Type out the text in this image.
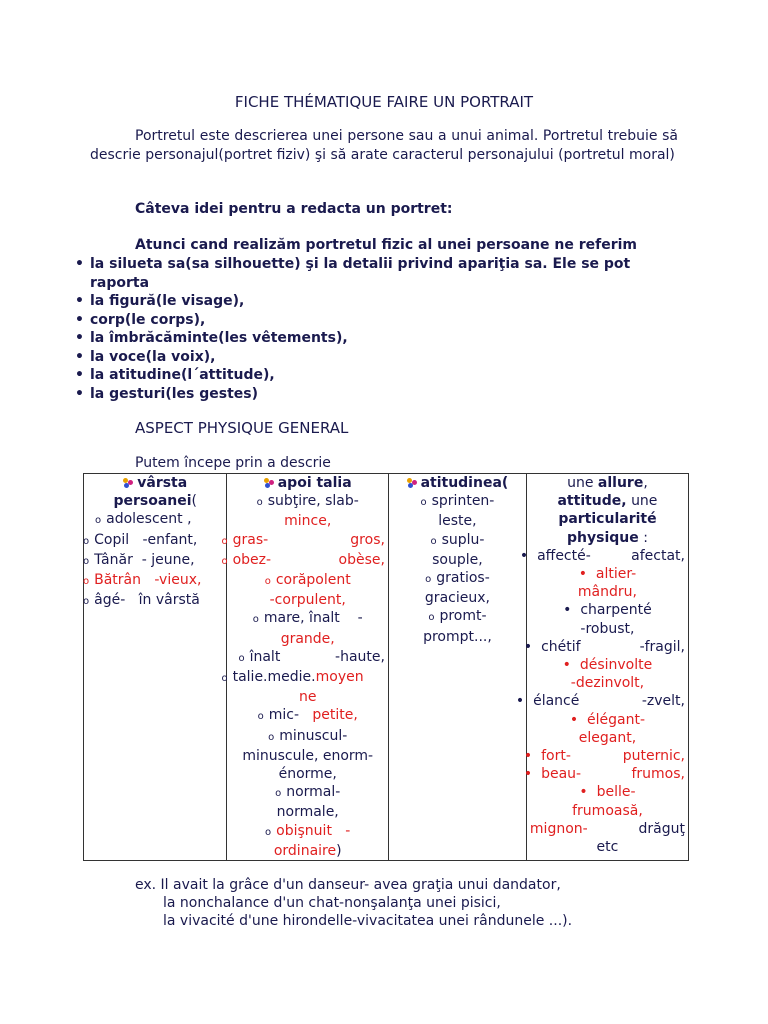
FICHE THÉMATIQUE FAIRE UN PORTRAIT
Portretul este descrierea unei persone sau a unui animal. Portretul trebuie să descrie personajul(portret fiziv) şi să arate caracterul personajului (portretul moral)
Câteva idei pentru a redacta un portret:
Atunci cand realizăm portretul fizic al unei persoane ne referim
• la silueta sa(sa silhouette) şi la detalii privind apariţia sa. Ele se pot raporta
• la figură(le visage),
• corp(le corps),
• la îmbrăcăminte(les vêtements),
• la voce(la voix),
• la atitudine(l´attitude),
• la gesturi(les gestes)
ASPECT PHYSIQUE GENERAL
Putem începe prin a descrie
vârsta
persoanei(
o adolescent ,
o Copil -enfant,
o Tânăr - jeune,
o Bătrân -vieux,
o âgé- în vârstă

apoi talia
o subţire, slab-
mince,
o gras-	gros,
o obez-	obèse,
o corăpolent
-corpulent,
o mare, înalt -
grande,
o înalt	-haute,
o talie.medie.moyen
ne
o mic- petite,
o minuscul-
minuscule, enorm-
énorme,
o normal-
normale,
o obişnuit -
ordinaire)

atitudinea(
o sprinten-
leste,
o suplu-
souple,
o gratios-
gracieux,
o promt-
prompt...,

une allure,
attitude, une
particularité
physique :
•  affecté-	afectat,
•  altier-
mândru,
•  charpenté
-robust,
•  chétif	-fragil,
•  désinvolte
-dezinvolt,
•  élancé	-zvelt,
•  élégant-
elegant,
•  fort-	puternic,
•  beau-	frumos,
•  belle-
frumoasă,
mignon-	drăguţ
etc
ex. Il avait la grâce d'un danseur- avea graţia unui dandator,
la nonchalance d'un chat-nonşalanţa unei pisici,
la vivacité d'une hirondelle-vivacitatea unei rândunele ...).
